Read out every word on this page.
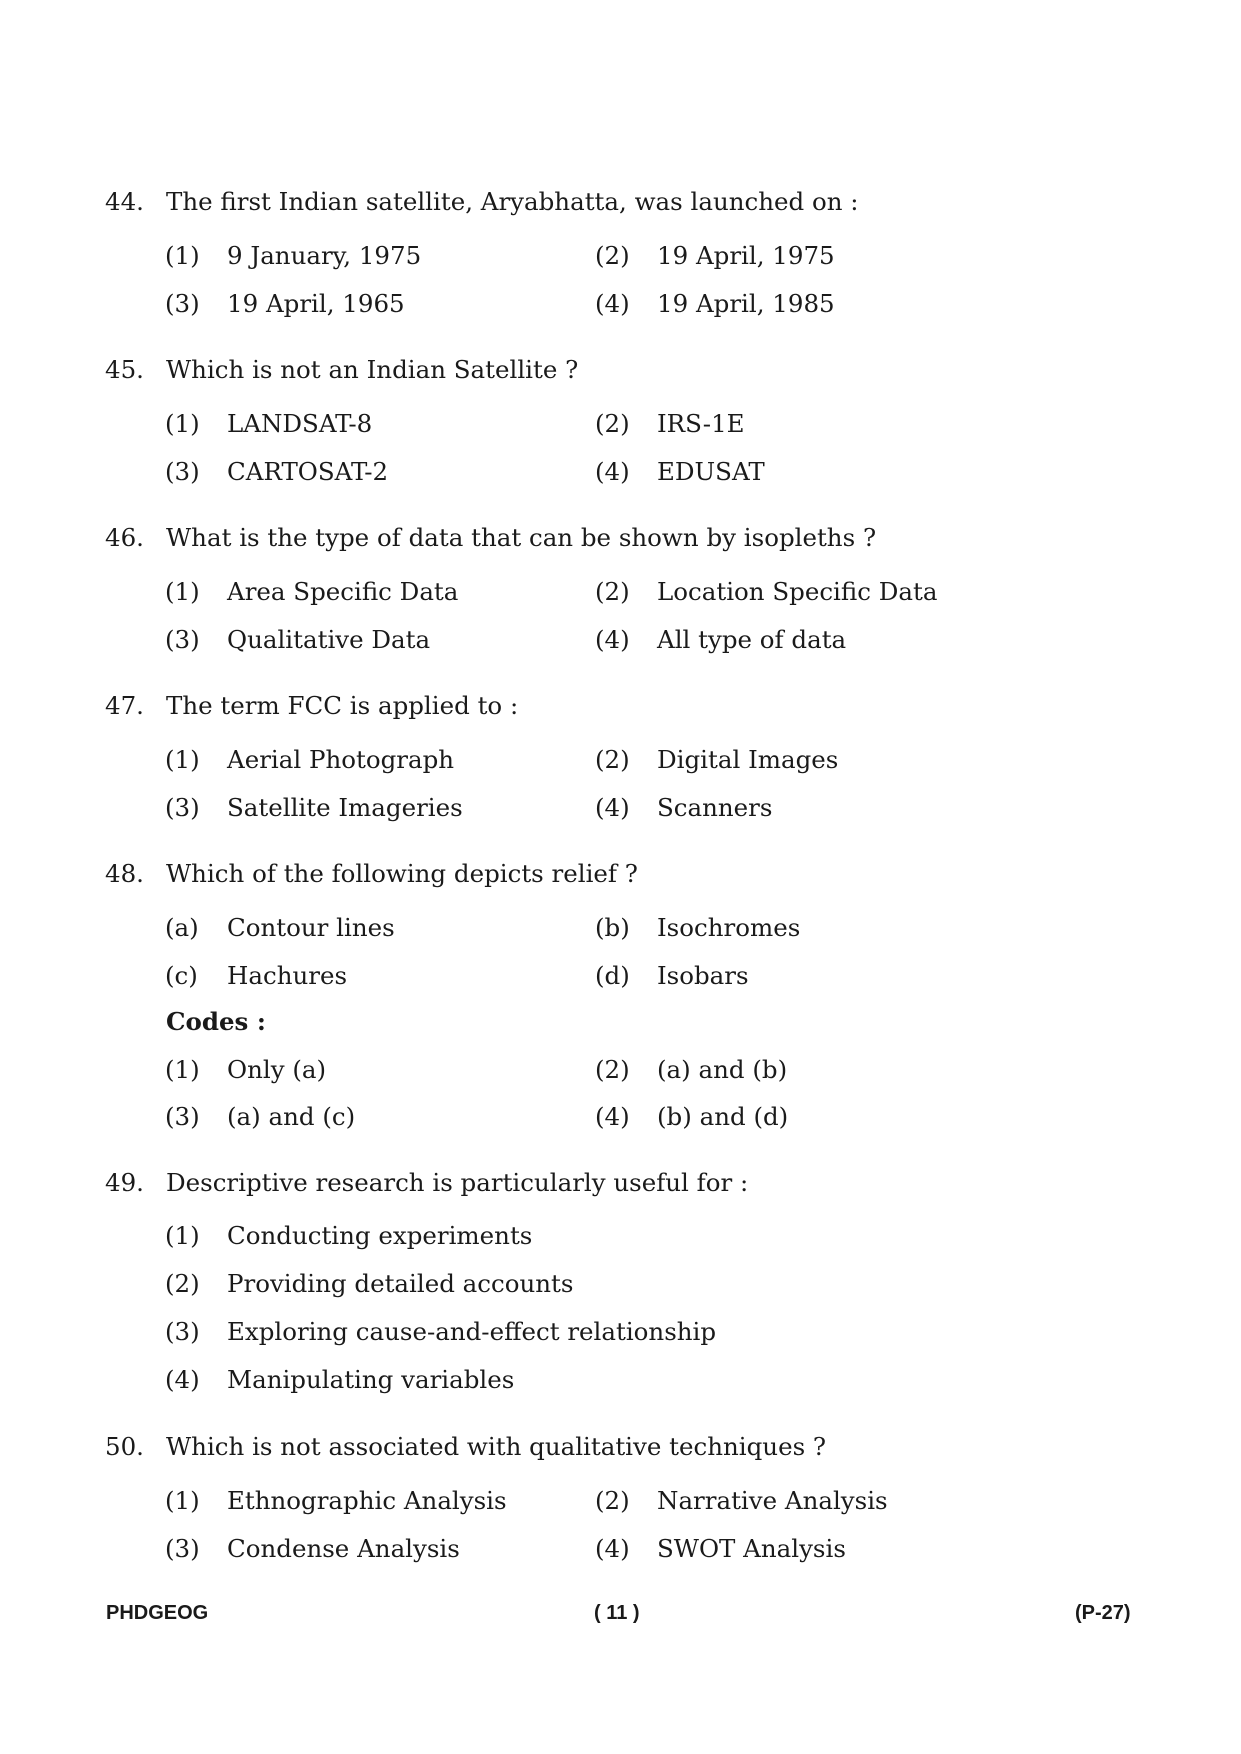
44. The first Indian satellite, Aryabhatta, was launched on :
(1) 9 January, 1975	(2) 19 April, 1975
(3) 19 April, 1965	(4) 19 April, 1985
45. Which is not an Indian Satellite ?
(1) LANDSAT-8	(2) IRS-1E
(3) CARTOSAT-2	(4) EDUSAT
46. What is the type of data that can be shown by isopleths ?
(1) Area Specific Data	(2) Location Specific Data
(3) Qualitative Data	(4) All type of data
47. The term FCC is applied to :
(1) Aerial Photograph	(2) Digital Images
(3) Satellite Imageries	(4) Scanners
48. Which of the following depicts relief ?
(a) Contour lines	(b) Isochromes
(c) Hachures	(d) Isobars
Codes :
(1) Only (a)	(2) (a) and (b)
(3) (a) and (c)	(4) (b) and (d)
49. Descriptive research is particularly useful for :
(1) Conducting experiments
(2) Providing detailed accounts
(3) Exploring cause-and-effect relationship
(4) Manipulating variables
50. Which is not associated with qualitative techniques ?
(1) Ethnographic Analysis	(2) Narrative Analysis
(3) Condense Analysis	(4) SWOT Analysis
PHDGEOG	( 11 )	(P-27)
